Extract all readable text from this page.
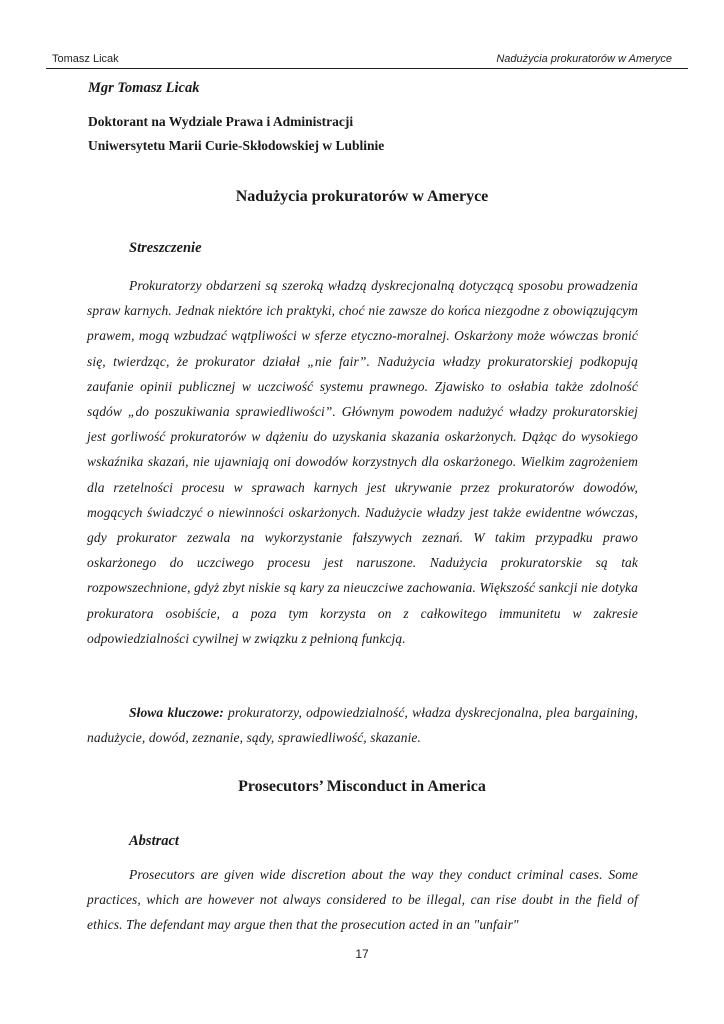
Tomasz Licak	Nadużycia prokuratorów w Ameryce
Mgr Tomasz Licak
Doktorant na Wydziale Prawa i Administracji
Uniwersytetu Marii Curie-Skłodowskiej w Lublinie
Nadużycia prokuratorów w Ameryce
Streszczenie

Prokuratorzy obdarzeni są szeroką władzą dyskrecjonalną dotyczącą sposobu prowadzenia spraw karnych. Jednak niektóre ich praktyki, choć nie zawsze do końca niezgodne z obowiązującym prawem, mogą wzbudzać wątpliwości w sferze etyczno-moralnej. Oskarżony może wówczas bronić się, twierdząc, że prokurator działał „nie fair”. Nadużycia władzy prokuratorskiej podkopują zaufanie opinii publicznej w uczciwość systemu prawnego. Zjawisko to osłabia także zdolność sądów „do poszukiwania sprawiedliwości”. Głównym powodem nadużyć władzy prokuratorskiej jest gorliwość prokuratorów w dążeniu do uzyskania skazania oskarżonych. Dążąc do wysokiego wskaźnika skazań, nie ujawniają oni dowodów korzystnych dla oskarżonego. Wielkim zagrożeniem dla rzetelności procesu w sprawach karnych jest ukrywanie przez prokuratorów dowodów, mogących świadczyć o niewinności oskarżonych. Nadużycie władzy jest także ewidentne wówczas, gdy prokurator zezwala na wykorzystanie fałszywych zeznań. W takim przypadku prawo oskarżonego do uczciwego procesu jest naruszone. Nadużycia prokuratorskie są tak rozpowszechnione, gdyż zbyt niskie są kary za nieuczciwe zachowania. Większość sankcji nie dotyka prokuratora osobiście, a poza tym korzysta on z całkowitego immunitetu w zakresie odpowiedzialności cywilnej w związku z pełnioną funkcją.

Słowa kluczowe: prokuratorzy, odpowiedzialność, władza dyskrecjonalna, plea bargaining, nadużycie, dowód, zeznanie, sądy, sprawiedliwość, skazanie.

Prosecutors’ Misconduct in America
Abstract

Prosecutors are given wide discretion about the way they conduct criminal cases. Some practices, which are however not always considered to be illegal, can rise doubt in the field of ethics. The defendant may argue then that the prosecution acted in an "unfair"

17
